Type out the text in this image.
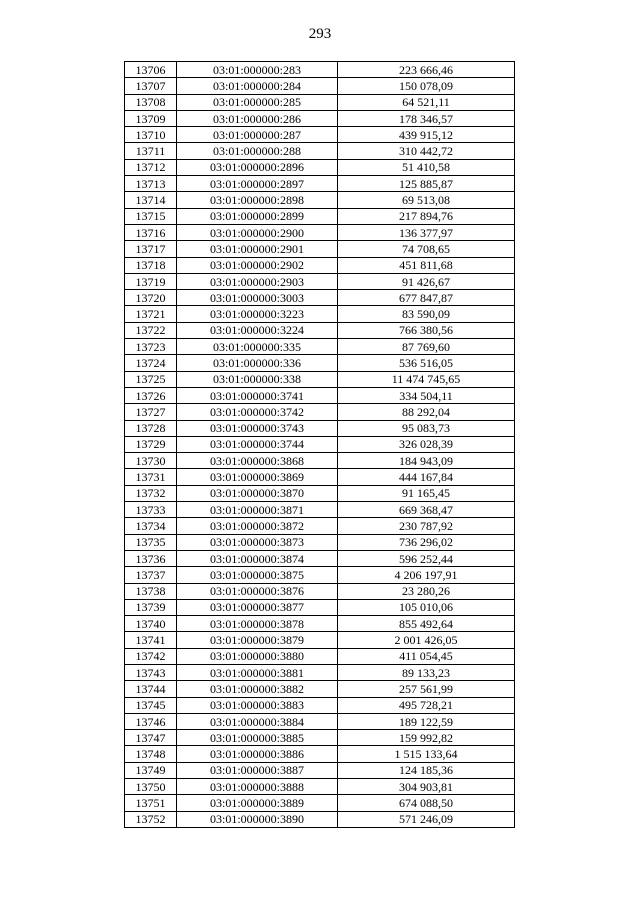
293
13706	03:01:000000:283	223 666,46
13707	03:01:000000:284	150 078,09
13708	03:01:000000:285	64 521,11
13709	03:01:000000:286	178 346,57
13710	03:01:000000:287	439 915,12
13711	03:01:000000:288	310 442,72
13712	03:01:000000:2896	51 410,58
13713	03:01:000000:2897	125 885,87
13714	03:01:000000:2898	69 513,08
13715	03:01:000000:2899	217 894,76
13716	03:01:000000:2900	136 377,97
13717	03:01:000000:2901	74 708,65
13718	03:01:000000:2902	451 811,68
13719	03:01:000000:2903	91 426,67
13720	03:01:000000:3003	677 847,87
13721	03:01:000000:3223	83 590,09
13722	03:01:000000:3224	766 380,56
13723	03:01:000000:335	87 769,60
13724	03:01:000000:336	536 516,05
13725	03:01:000000:338	11 474 745,65
13726	03:01:000000:3741	334 504,11
13727	03:01:000000:3742	88 292,04
13728	03:01:000000:3743	95 083,73
13729	03:01:000000:3744	326 028,39
13730	03:01:000000:3868	184 943,09
13731	03:01:000000:3869	444 167,84
13732	03:01:000000:3870	91 165,45
13733	03:01:000000:3871	669 368,47
13734	03:01:000000:3872	230 787,92
13735	03:01:000000:3873	736 296,02
13736	03:01:000000:3874	596 252,44
13737	03:01:000000:3875	4 206 197,91
13738	03:01:000000:3876	23 280,26
13739	03:01:000000:3877	105 010,06
13740	03:01:000000:3878	855 492,64
13741	03:01:000000:3879	2 001 426,05
13742	03:01:000000:3880	411 054,45
13743	03:01:000000:3881	89 133,23
13744	03:01:000000:3882	257 561,99
13745	03:01:000000:3883	495 728,21
13746	03:01:000000:3884	189 122,59
13747	03:01:000000:3885	159 992,82
13748	03:01:000000:3886	1 515 133,64
13749	03:01:000000:3887	124 185,36
13750	03:01:000000:3888	304 903,81
13751	03:01:000000:3889	674 088,50
13752	03:01:000000:3890	571 246,09
